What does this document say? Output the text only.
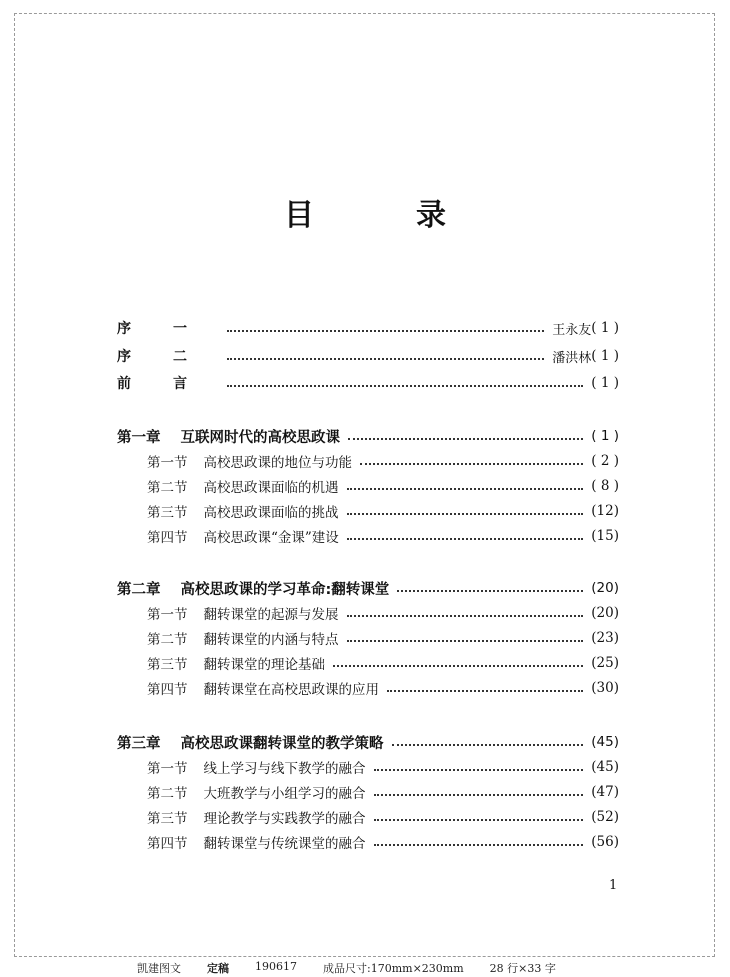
目　录
序　一	王永友 ( 1 )
序　二	潘洪林 ( 1 )
前　言	( 1 )
第一章 互联网时代的高校思政课	( 1 )
第一节 高校思政课的地位与功能	( 2 )
第二节 高校思政课面临的机遇	( 8 )
第三节 高校思政课面临的挑战	(12)
第四节 高校思政课“金课”建设	(15)
第二章 高校思政课的学习革命:翻转课堂	(20)
第一节 翻转课堂的起源与发展	(20)
第二节 翻转课堂的内涵与特点	(23)
第三节 翻转课堂的理论基础	(25)
第四节 翻转课堂在高校思政课的应用	(30)
第三章 高校思政课翻转课堂的教学策略	(45)
第一节 线上学习与线下教学的融合	(45)
第二节 大班教学与小组学习的融合	(47)
第三节 理论教学与实践教学的融合	(52)
第四节 翻转课堂与传统课堂的融合	(56)
1
凯建图文 定稿 190617 成品尺寸:170mm×230mm 28 行×33 字
